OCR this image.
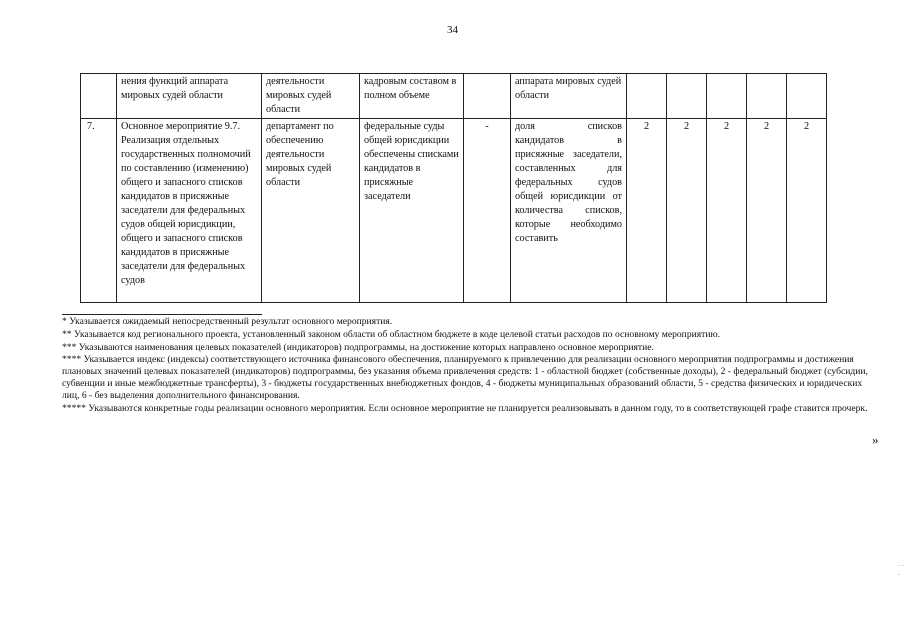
34
	нения функций аппарата мировых судей области	деятельности мировых судей области	кадровым составом в полном объеме		аппарата мировых судей области					
7.	Основное мероприятие 9.7. Реализация отдельных государственных полномочий по составлению (изменению) общего и запасного списков кандидатов в присяжные заседатели для федеральных судов общей юрисдикции, общего и запасного списков кандидатов в присяжные заседатели для федеральных судов	департамент по обеспечению деятельности мировых судей области	федеральные суды общей юрисдикции обеспечены списками кандидатов в присяжные заседатели	-	доля списков кандидатов в присяжные заседатели, составленных для федеральных судов общей юрисдикции от количества списков, которые необходимо составить	2	2	2	2	2

* Указывается ожидаемый непосредственный результат основного мероприятия.

** Указывается код регионального проекта, установленный законом области об областном бюджете в коде целевой статьи расходов по основному мероприятию.

*** Указываются наименования целевых показателей (индикаторов) подпрограммы, на достижение которых направлено основное мероприятие.

**** Указывается индекс (индексы) соответствующего источника финансового обеспечения, планируемого к привлечению для реализации основного мероприятия подпрограммы и достижения плановых значений целевых показателей (индикаторов) подпрограммы, без указания объема привлечения средств: 1 - областной бюджет (собственные доходы), 2 - федеральный бюджет (субсидии, субвенции и иные межбюджетные трансферты), 3 - бюджеты государственных внебюджетных фондов, 4 - бюджеты муниципальных образований области, 5 - средства физических и юридических лиц, 6 - без выделения дополнительного финансирования.

***** Указываются конкретные годы реализации основного мероприятия. Если основное мероприятие не планируется реализовывать в данном году, то в соответствующей графе ставится прочерк.

»
- - -
